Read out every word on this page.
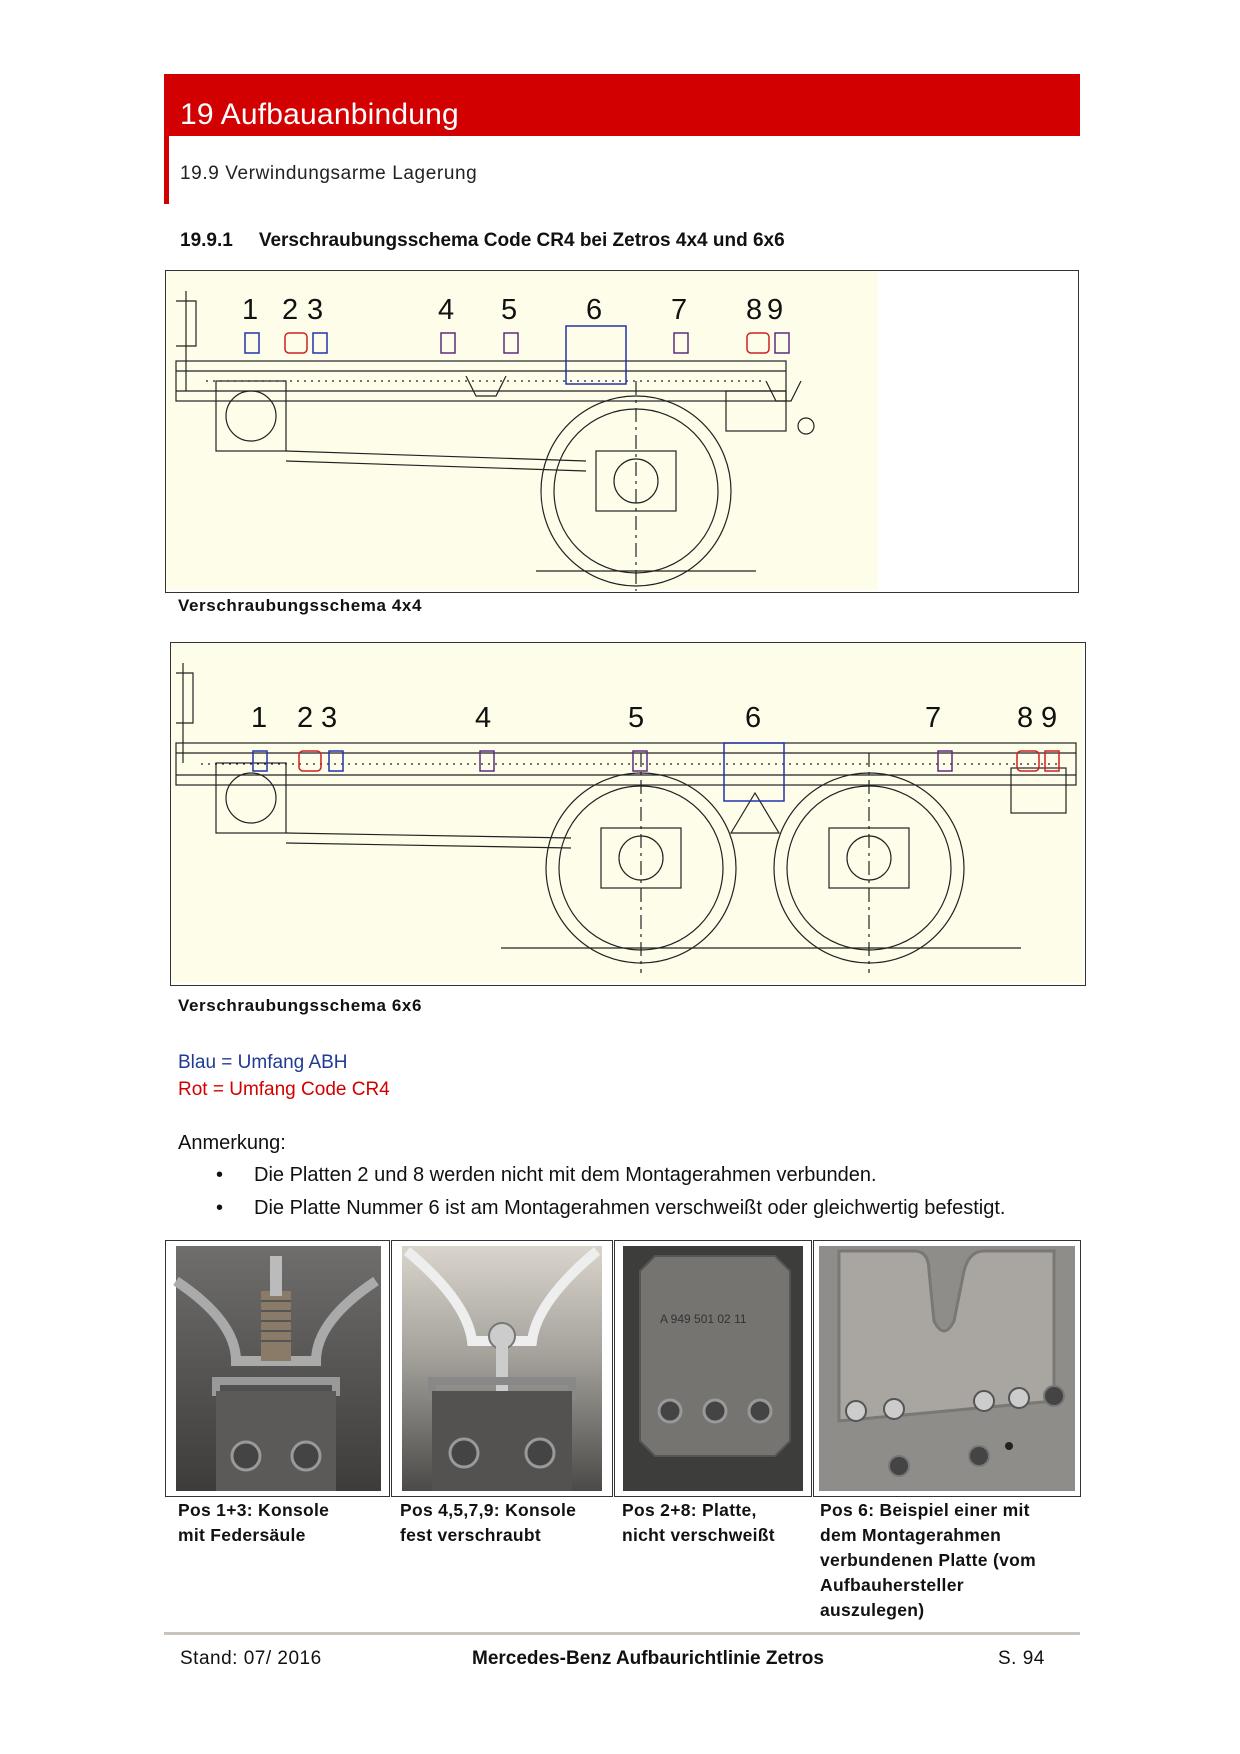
19 Aufbauanbindung
19.9 Verwindungsarme Lagerung
19.9.1 Verschraubungsschema Code CR4 bei Zetros 4x4 und 6x6
1 2 3	4 5 6 7 8 9
Verschraubungsschema 4x4
1 2 3	4	5	6	7	8 9
Verschraubungsschema 6x6
Blau = Umfang ABH
Rot = Umfang Code CR4
Anmerkung:
• Die Platten 2 und 8 werden nicht mit dem Montagerahmen verbunden.
• Die Platte Nummer 6 ist am Montagerahmen verschweißt oder gleichwertig befestigt.
A 949 501 02 11
Pos 1+3: Konsole
mit Federsäule
Pos 4,5,7,9: Konsole
fest verschraubt
Pos 2+8: Platte,
nicht verschweißt
Pos 6: Beispiel einer mit
dem Montagerahmen
verbundenen Platte (vom
Aufbauhersteller
auszulegen)
Stand: 07/ 2016	Mercedes-Benz Aufbaurichtlinie Zetros	S. 94
